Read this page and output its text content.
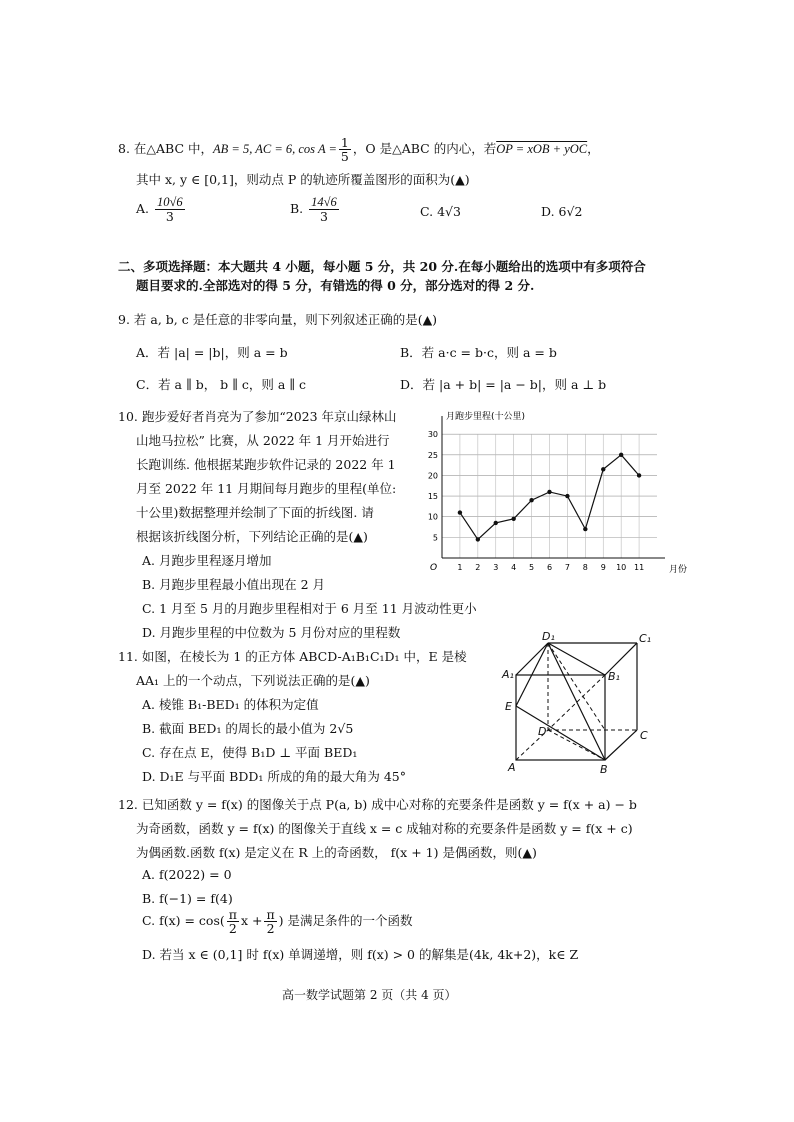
8. 在△ABC 中，AB = 5, AC = 6, $\cos A = \frac{1}{5}$ ，O 是△ABC 的内心，若OP = xOB + yOC，
其中 x, y ∈ [0,1]，则动点 P 的轨迹所覆盖图形的面积为(▲)
A. $\frac{10√6}{3}$	B. $\frac{14√6}{3}$	C. 4√3	D. 6√2
二、多项选择题：本大题共 4 小题，每小题 5 分，共 20 分.在每小题给出的选项中有多项符合
题目要求的.全部选对的得 5 分，有错选的得 0 分，部分选对的得 2 分.
9. 若 a, b, c 是任意的非零向量，则下列叙述正确的是(▲)
A．若 |a| = |b|，则 a = b	B．若 a·c = b·c，则 a = b
C．若 a ∥ b， b ∥ c，则 a ∥ c	D．若 |a + b| = |a − b|，则 a ⊥ b
10. 跑步爱好者肖亮为了参加“2023 年京山绿林山
山地马拉松” 比赛，从 2022 年 1 月开始进行
长跑训练. 他根据某跑步软件记录的 2022 年 1
月至 2022 年 11 月期间每月跑步的里程(单位:
十公里)数据整理并绘制了下面的折线图. 请
根据该折线图分析，下列结论正确的是(▲)
A. 月跑步里程逐月增加
B. 月跑步里程最小值出现在 2 月
C. 1 月至 5 月的月跑步里程相对于 6 月至 11 月波动性更小
D. 月跑步里程的中位数为 5 月份对应的里程数
月跑步里程(十公里)
月份
O
5
10
15
20
25
30
1 2 3 4 5 6 7 8 9 10 11
11. 如图，在棱长为 1 的正方体 ABCD-A₁B₁C₁D₁ 中，E 是棱
AA₁ 上的一个动点，下列说法正确的是(▲)
A. 棱锥 B₁-BED₁ 的体积为定值
B. 截面 BED₁ 的周长的最小值为 2√5
C. 存在点 E，使得 B₁D ⊥ 平面 BED₁
D. D₁E 与平面 BDD₁ 所成的角的最大角为 45°
D₁	C₁
A₁	B₁
E
D	C
A	B
12. 已知函数 y = f(x) 的图像关于点 P(a, b) 成中心对称的充要条件是函数 y = f(x + a) − b
为奇函数，函数 y = f(x) 的图像关于直线 x = c 成轴对称的充要条件是函数 y = f(x + c)
为偶函数.函数 f(x) 是定义在 R 上的奇函数， f(x + 1) 是偶函数，则(▲)
A. f(2022) = 0
B. f(−1) = f(4)
C. $f(x) = \cos( \frac{\pi}{2}$ $x + \frac{\pi}{2}$ ) 是满足条件的一个函数
D. 若当 x ∈ (0,1] 时 f(x) 单调递增，则 f(x) > 0 的解集是(4k, 4k+2)，k∈ Z
高一数学试题第 2 页（共 4 页）
